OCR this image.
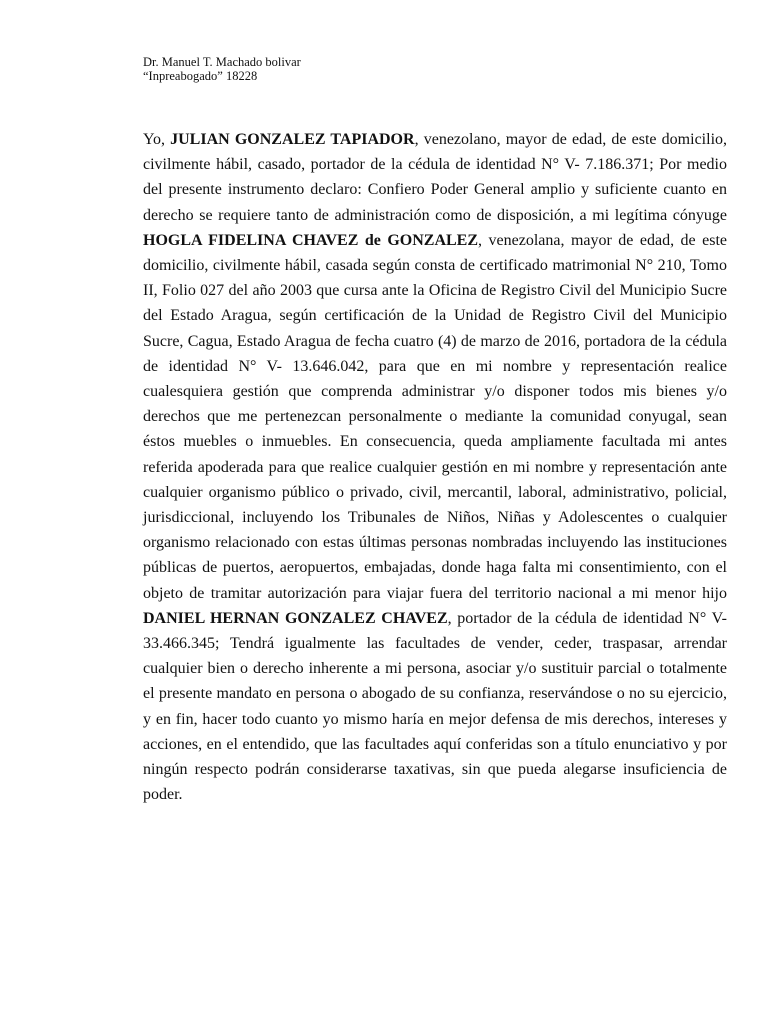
Dr. Manuel T. Machado bolivar
“Inpreabogado” 18228

Yo, JULIAN GONZALEZ TAPIADOR, venezolano, mayor de edad, de este domicilio, civilmente hábil, casado, portador de la cédula de identidad N° V- 7.186.371; Por medio del presente instrumento declaro: Confiero Poder General amplio y suficiente cuanto en derecho se requiere tanto de administración como de disposición, a mi legítima cónyuge HOGLA FIDELINA CHAVEZ de GONZALEZ, venezolana, mayor de edad, de este domicilio, civilmente hábil, casada según consta de certificado matrimonial N° 210, Tomo II, Folio 027 del año 2003 que cursa ante la Oficina de Registro Civil del Municipio Sucre del Estado Aragua, según certificación de la Unidad de Registro Civil del Municipio Sucre, Cagua, Estado Aragua de fecha cuatro (4) de marzo de 2016, portadora de la cédula de identidad N° V- 13.646.042, para que en mi nombre y representación realice cualesquiera gestión que comprenda administrar y/o disponer todos mis bienes y/o derechos que me pertenezcan personalmente o mediante la comunidad conyugal, sean éstos muebles o inmuebles. En consecuencia, queda ampliamente facultada mi antes referida apoderada para que realice cualquier gestión en mi nombre y representación ante cualquier organismo público o privado, civil, mercantil, laboral, administrativo, policial, jurisdiccional, incluyendo los Tribunales de Niños, Niñas y Adolescentes o cualquier organismo relacionado con estas últimas personas nombradas incluyendo las instituciones públicas de puertos, aeropuertos, embajadas, donde haga falta mi consentimiento, con el objeto de tramitar autorización para viajar fuera del territorio nacional a mi menor hijo DANIEL HERNAN GONZALEZ CHAVEZ, portador de la cédula de identidad N° V-33.466.345; Tendrá igualmente las facultades de vender, ceder, traspasar, arrendar cualquier bien o derecho inherente a mi persona, asociar y/o sustituir parcial o totalmente el presente mandato en persona o abogado de su confianza, reservándose o no su ejercicio, y en fin, hacer todo cuanto yo mismo haría en mejor defensa de mis derechos, intereses y acciones, en el entendido, que las facultades aquí conferidas son a título enunciativo y por ningún respecto podrán considerarse taxativas, sin que pueda alegarse insuficiencia de poder.
